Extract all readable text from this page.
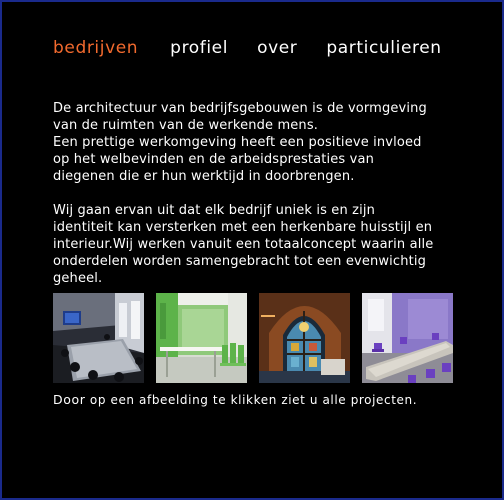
bedrijven profiel over particulieren

De architectuur van bedrijfsgebouwen is de vormgeving
van de ruimten van de werkende mens.
Een prettige werkomgeving heeft een positieve invloed
op het welbevinden en de arbeidsprestaties van
diegenen die er hun werktijd in doorbrengen.

Wij gaan ervan uit dat elk bedrijf uniek is en zijn
identiteit kan versterken met een herkenbare huisstijl en
interieur.Wij werken vanuit een totaalconcept waarin alle
onderdelen worden samengebracht tot een evenwichtig
geheel.

Door op een afbeelding te klikken ziet u alle projecten.
